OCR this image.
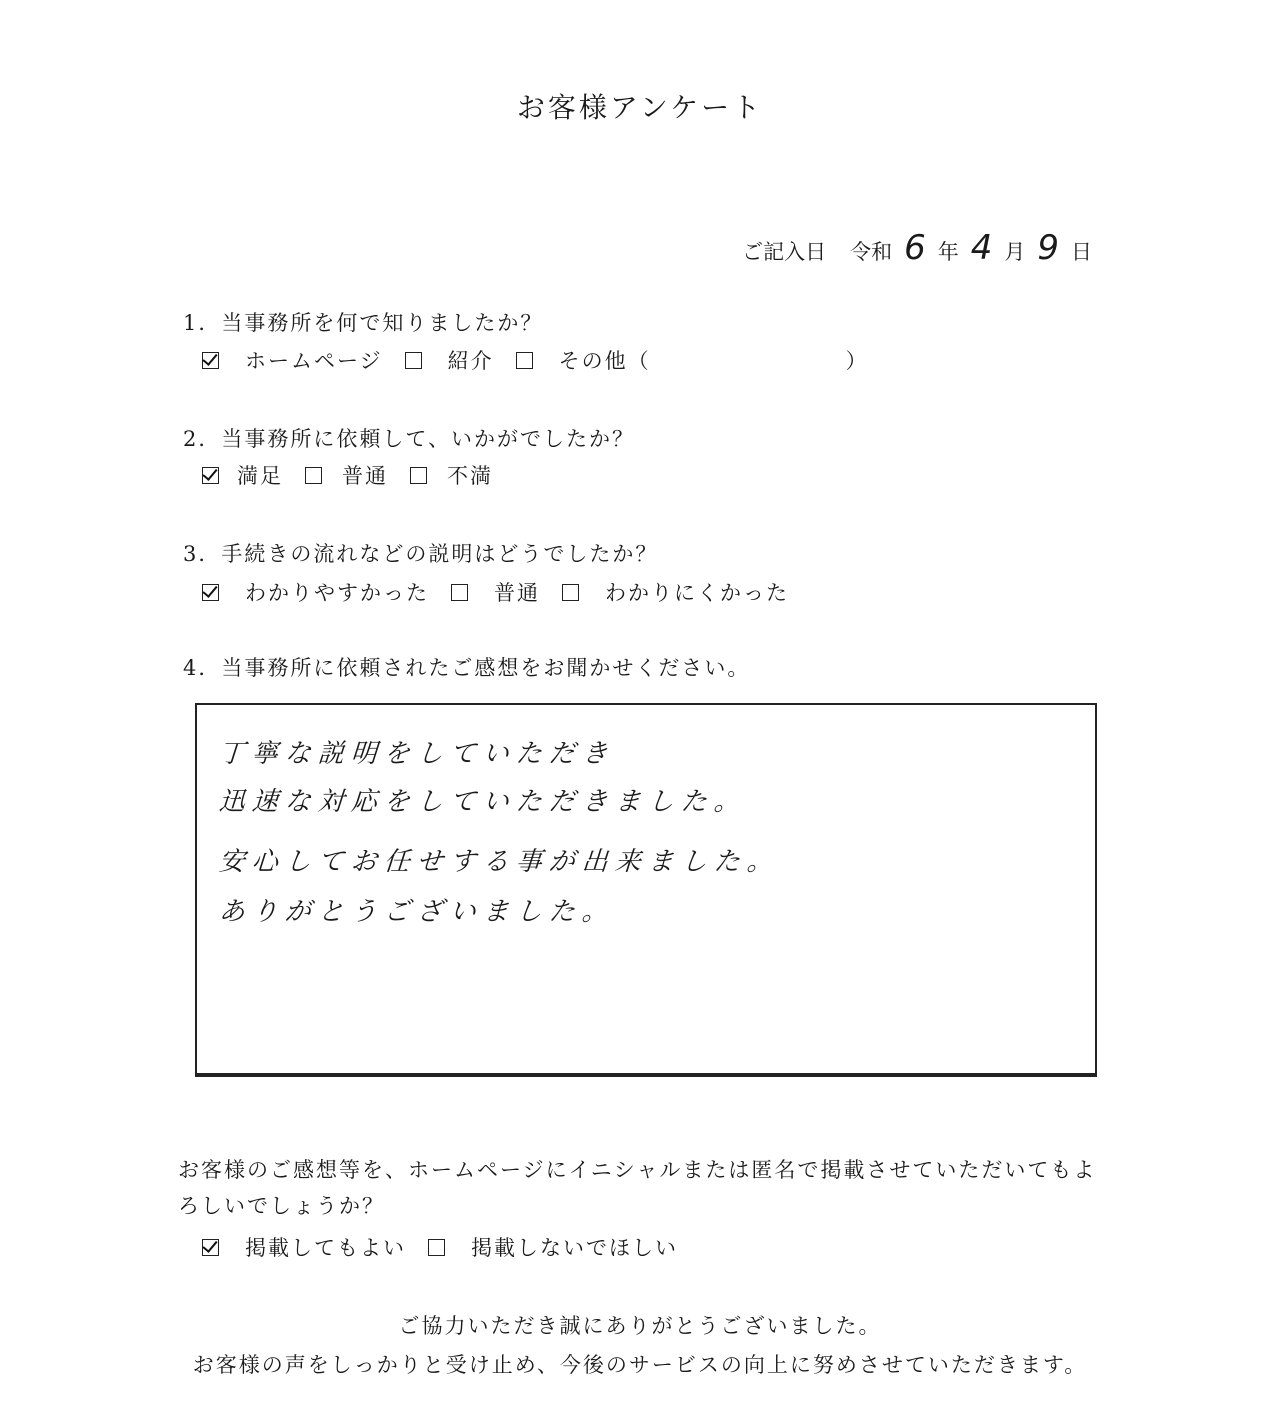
お客様アンケート
ご記入日 令和 6 年 4 月 9 日
1．当事務所を何で知りましたか？
ホームページ	紹介	その他（	）
2．当事務所に依頼して、いかがでしたか？
満足	普通	不満
3．手続きの流れなどの説明はどうでしたか？
わかりやすかった	普通	わかりにくかった
4．当事務所に依頼されたご感想をお聞かせください。
丁寧な説明をしていただき
迅速な対応をしていただきました。
安心してお任せする事が出来ました。
ありがとうございました。
お客様のご感想等を、ホームページにイニシャルまたは匿名で掲載させていただいてもよろしいでしょうか？
掲載してもよい	掲載しないでほしい
ご協力いただき誠にありがとうございました。
お客様の声をしっかりと受け止め、今後のサービスの向上に努めさせていただきます。
